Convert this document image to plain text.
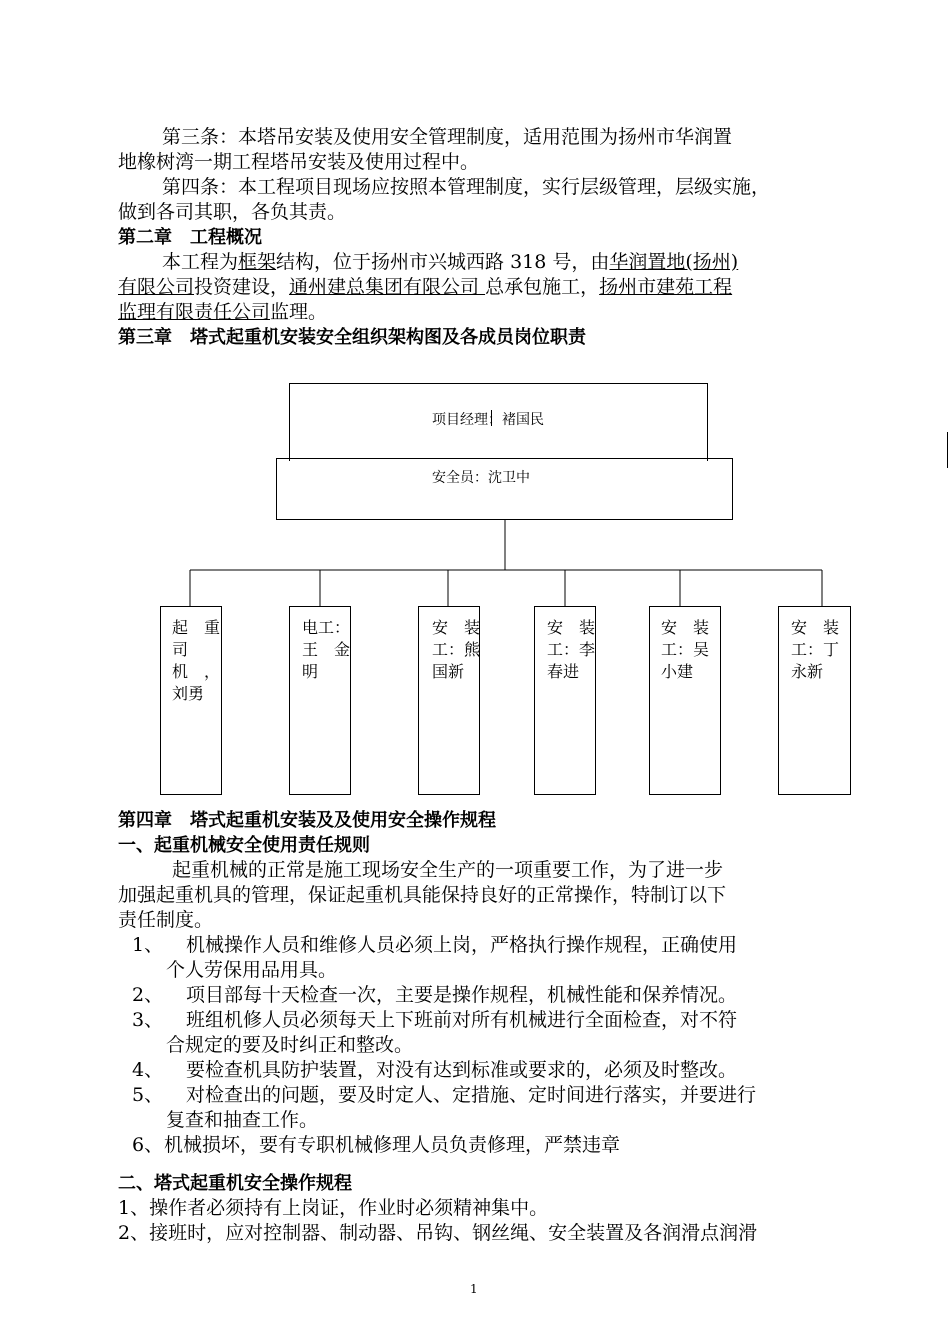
第三条：本塔吊安装及使用安全管理制度，适用范围为扬州市华润置
地橡树湾一期工程塔吊安装及使用过程中。
第四条：本工程项目现场应按照本管理制度，实行层级管理，层级实施，
做到各司其职，各负其责。
第二章　工程概况
本工程为框架结构，位于扬州市兴城西路 318 号，由华润置地(扬州)
有限公司投资建设，通州建总集团有限公司 总承包施工，扬州市建苑工程
监理有限责任公司监理。
第三章　塔式起重机安装安全组织架构图及各成员岗位职责
项目经理：褚国民
安全员：沈卫中
起　重
司
机　，
刘勇
电工：
王　金
明
安　装
工：熊
国新
安　装
工：李
春进
安　装
工：吴
小建
安　装
工：丁
永新
第四章　塔式起重机安装及及使用安全操作规程
一、起重机械安全使用责任规则
起重机械的正常是施工现场安全生产的一项重要工作，为了进一步
加强起重机具的管理，保证起重机具能保持良好的正常操作，特制订以下
责任制度。
1、 机械操作人员和维修人员必须上岗，严格执行操作规程，正确使用
个人劳保用品用具。
2、 项目部每十天检查一次，主要是操作规程，机械性能和保养情况。
3、 班组机修人员必须每天上下班前对所有机械进行全面检查，对不符
合规定的要及时纠正和整改。
4、 要检查机具防护装置，对没有达到标准或要求的，必须及时整改。
5、 对检查出的问题，要及时定人、定措施、定时间进行落实，并要进行
复查和抽查工作。
6、 机械损坏，要有专职机械修理人员负责修理，严禁违章
二、塔式起重机安全操作规程
1、操作者必须持有上岗证，作业时必须精神集中。
2、接班时，应对控制器、制动器、吊钩、钢丝绳、安全装置及各润滑点润滑
1
